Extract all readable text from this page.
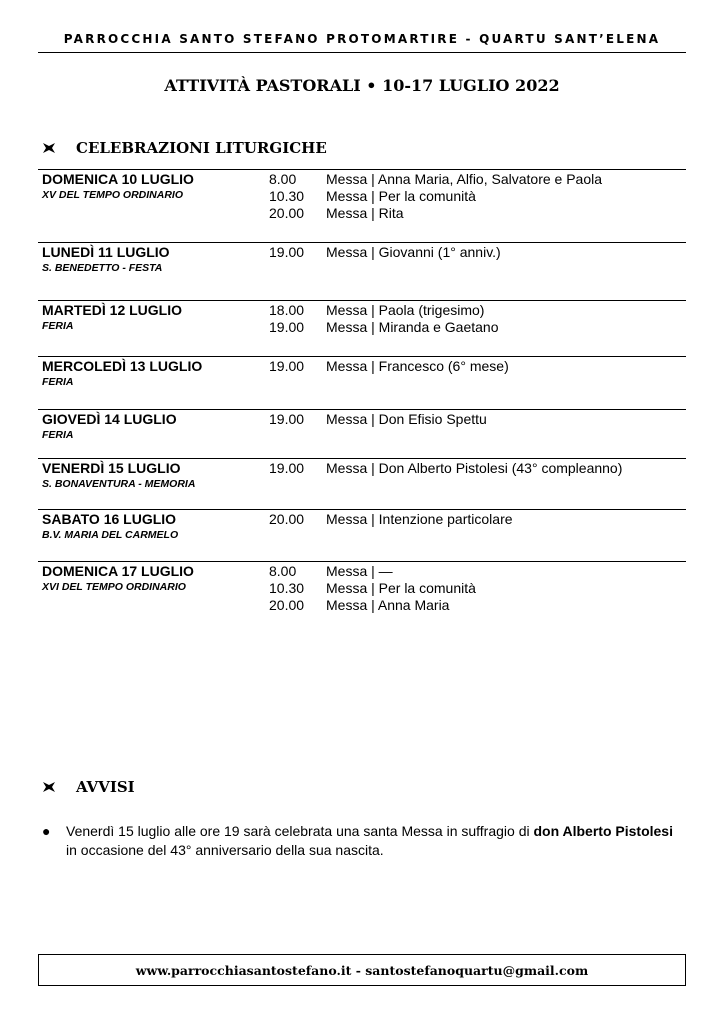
PARROCCHIA SANTO STEFANO PROTOMARTIRE - QUARTU SANT’ELENA
ATTIVITÀ PASTORALI • 10-17 LUGLIO 2022
CELEBRAZIONI LITURGICHE
DOMENICA 10 LUGLIO
XV DEL TEMPO ORDINARIO
8.00	Messa | Anna Maria, Alfio, Salvatore e Paola
10.30	Messa | Per la comunità
20.00	Messa | Rita
LUNEDÌ 11 LUGLIO
S. BENEDETTO - FESTA
19.00	Messa | Giovanni (1° anniv.)
MARTEDÌ 12 LUGLIO
FERIA
18.00	Messa | Paola (trigesimo)
19.00	Messa | Miranda e Gaetano
MERCOLEDÌ 13 LUGLIO
FERIA
19.00	Messa | Francesco (6° mese)
GIOVEDÌ 14 LUGLIO
FERIA
19.00	Messa | Don Efisio Spettu
VENERDÌ 15 LUGLIO
S. BONAVENTURA - MEMORIA
19.00	Messa | Don Alberto Pistolesi (43° compleanno)
SABATO 16 LUGLIO
B.V. MARIA DEL CARMELO
20.00	Messa | Intenzione particolare
DOMENICA 17 LUGLIO
XVI DEL TEMPO ORDINARIO
8.00	Messa | —
10.30	Messa | Per la comunità
20.00	Messa | Anna Maria
AVVISI
●	Venerdì 15 luglio alle ore 19 sarà celebrata una santa Messa in suffragio di don Alberto Pistolesi in occasione del 43° anniversario della sua nascita.
www.parrocchiasantostefano.it - santostefanoquartu@gmail.com
